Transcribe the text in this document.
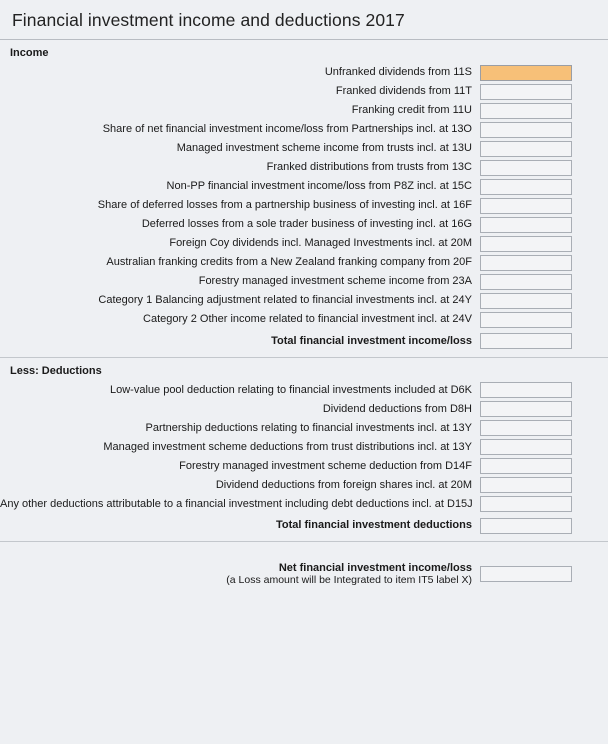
Financial investment income and deductions 2017
Income
Unfranked dividends from 11S
Franked dividends from 11T
Franking credit from 11U
Share of net financial investment income/loss from Partnerships incl. at 13O
Managed investment scheme income from trusts incl. at 13U
Franked distributions from trusts from 13C
Non-PP financial investment income/loss from P8Z incl. at 15C
Share of deferred losses from a partnership business of investing incl. at 16F
Deferred losses from a sole trader business of investing incl. at 16G
Foreign Coy dividends incl. Managed Investments incl. at 20M
Australian franking credits from a New Zealand franking company from 20F
Forestry managed investment scheme income from 23A
Category 1 Balancing adjustment related to financial investments incl. at 24Y
Category 2 Other income related to financial investment incl. at 24V
Total financial investment income/loss
Less: Deductions
Low-value pool deduction relating to financial investments included at D6K
Dividend deductions from D8H
Partnership deductions relating to financial investments incl. at 13Y
Managed investment scheme deductions from trust distributions incl. at 13Y
Forestry managed investment scheme deduction from D14F
Dividend deductions from foreign shares incl. at 20M
Any other deductions attributable to a financial investment including debt deductions incl. at D15J
Total financial investment deductions
Net financial investment income/loss
(a Loss amount will be Integrated to item IT5 label X)
